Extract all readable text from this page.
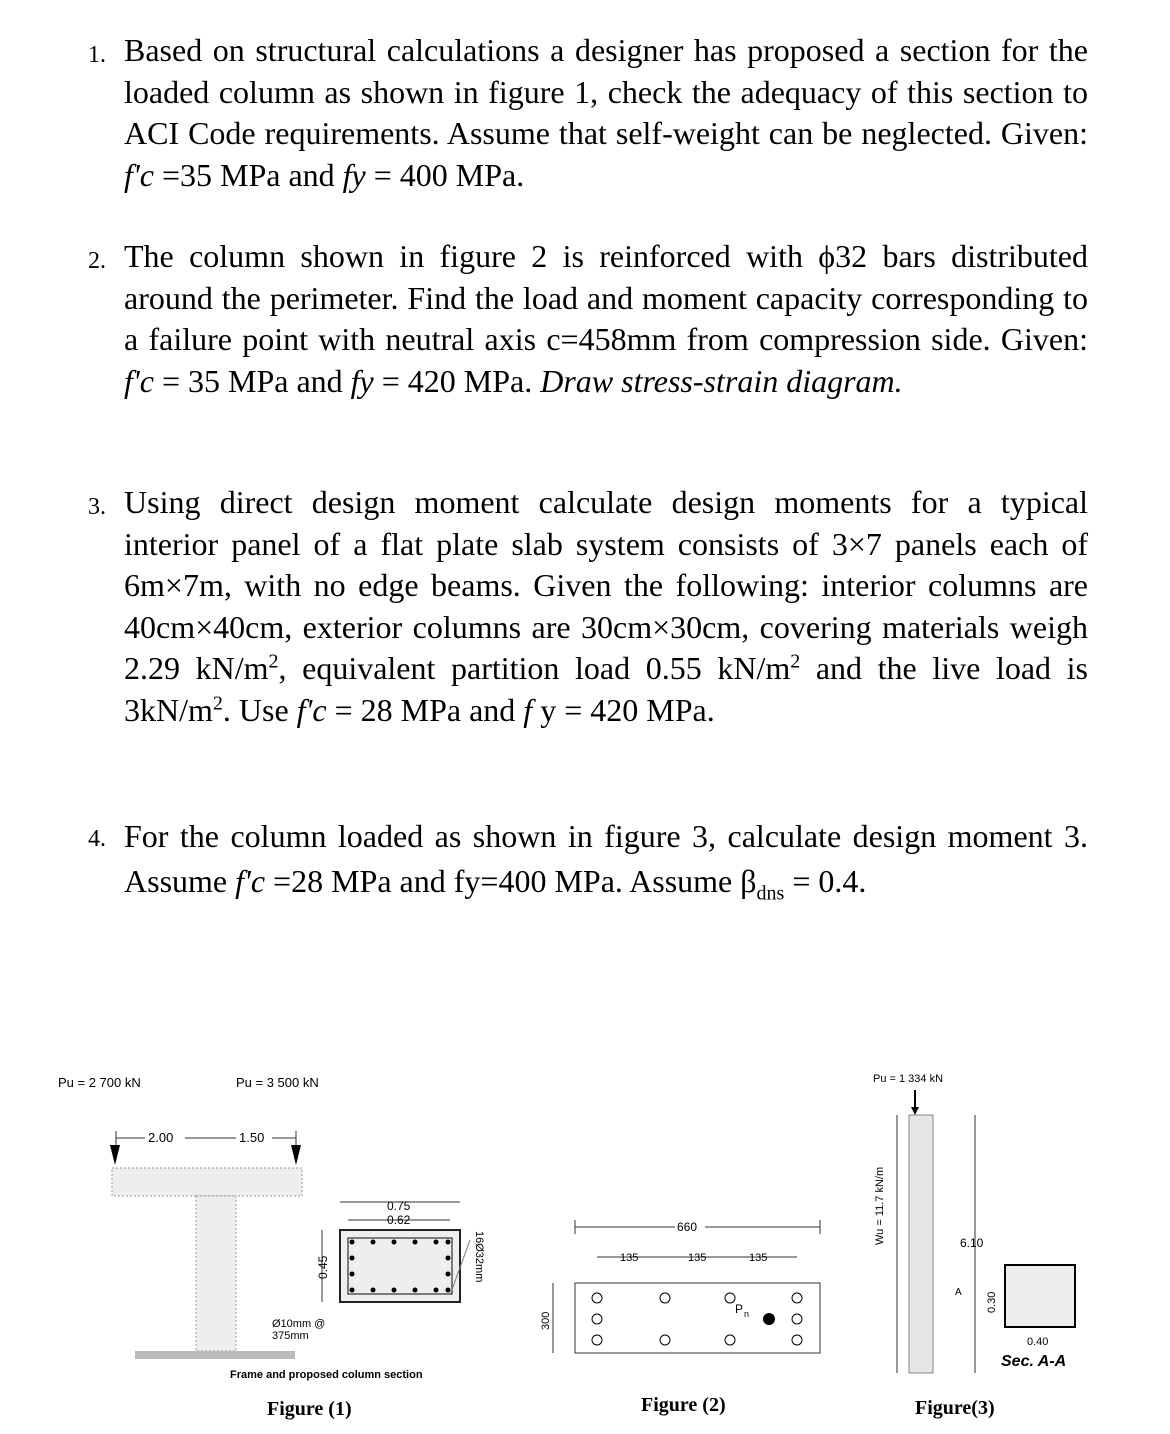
1. Based on structural calculations a designer has proposed a section for the loaded column as shown in figure 1, check the adequacy of this section to ACI Code requirements. Assume that self-weight can be neglected. Given: f'c =35 MPa and fy = 400 MPa.
2. The column shown in figure 2 is reinforced with ϕ32 bars distributed around the perimeter. Find the load and moment capacity corresponding to a failure point with neutral axis c=458mm from compression side. Given: f'c = 35 MPa and fy = 420 MPa. Draw stress-strain diagram.
3. Using direct design moment calculate design moments for a typical interior panel of a flat plate slab system consists of 3×7 panels each of 6m×7m, with no edge beams. Given the following: interior columns are 40cm×40cm, exterior columns are 30cm×30cm, covering materials weigh 2.29 $kN/m^2$, equivalent partition load 0.55 $kN/m^2$ and the live load is $3kN/m^2$. Use f'c = 28 MPa and f y = 420 MPa.
4. For the column loaded as shown in figure 3, calculate design moment 3. Assume f'c =28 MPa and fy=400 MPa. Assume $\beta_{dns} = 0.4$.
Pu = 2 700 kN	Pu = 3 500 kN
2.00	1.50
0.75
0.62
0.45	16Ø32mm
Ø10mm @
375mm
Frame and proposed column section
Figure (1)
660
135	135	135
P n
300
Figure (2)
Pu = 1 334 kN
Wu = 11.7 kN/m	6.10
A 0.30
0.40
Sec. A-A
Figure(3)
